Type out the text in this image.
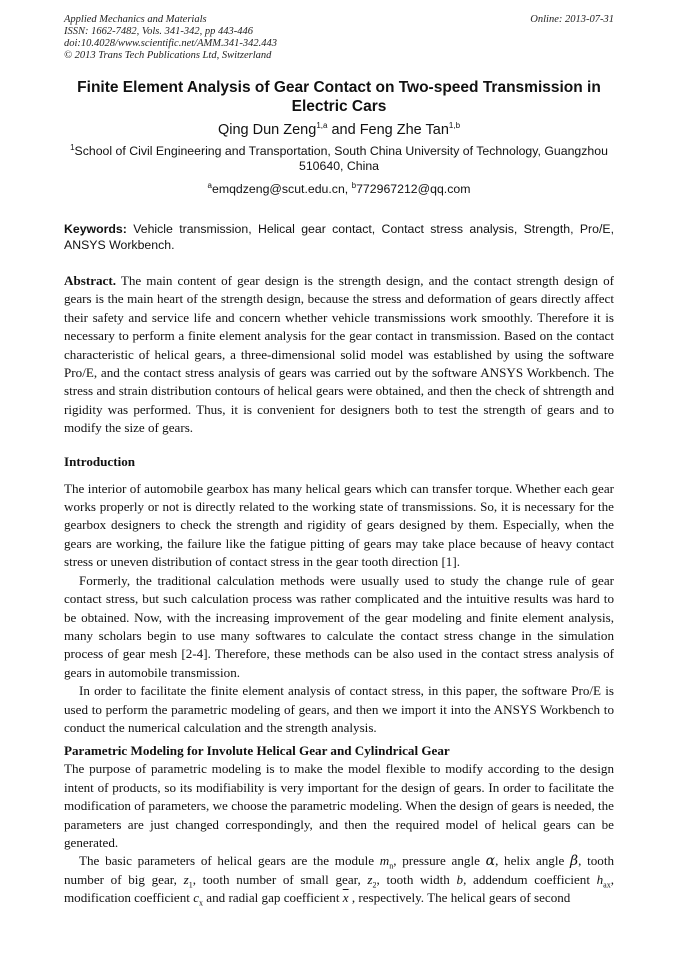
Applied Mechanics and Materials
ISSN: 1662-7482, Vols. 341-342, pp 443-446
doi:10.4028/www.scientific.net/AMM.341-342.443
© 2013 Trans Tech Publications Ltd, Switzerland
Online: 2013-07-31
Finite Element Analysis of Gear Contact on Two-speed Transmission in Electric Cars
Qing Dun Zeng$^{1,a}$ and Feng Zhe Tan$^{1,b}$
$^1$School of Civil Engineering and Transportation, South China University of Technology, Guangzhou 510640, China
$^a$emqdzeng@scut.edu.cn, $^b$772967212@qq.com

Keywords: Vehicle transmission, Helical gear contact, Contact stress analysis, Strength, Pro/E, ANSYS Workbench.

Abstract. The main content of gear design is the strength design, and the contact strength design of gears is the main heart of the strength design, because the stress and deformation of gears directly affect their safety and service life and concern whether vehicle transmissions work smoothly. Therefore it is necessary to perform a finite element analysis for the gear contact in transmission. Based on the contact characteristic of helical gears, a three-dimensional solid model was established by using the software Pro/E, and the contact stress analysis of gears was carried out by the software ANSYS Workbench. The stress and strain distribution contours of helical gears were obtained, and then the check of shtrength and rigidity was performed. Thus, it is convenient for designers both to test the strength of gears and to modify the size of gears.

Introduction

The interior of automobile gearbox has many helical gears which can transfer torque. Whether each gear works properly or not is directly related to the working state of transmissions. So, it is necessary for the gearbox designers to check the strength and rigidity of gears designed by them. Especially, when the gears are working, the failure like the fatigue pitting of gears may take place because of heavy contact stress or uneven distribution of contact stress in the gear tooth direction [1].

Formerly, the traditional calculation methods were usually used to study the change rule of gear contact stress, but such calculation process was rather complicated and the intuitive results was hard to be obtained. Now, with the increasing improvement of the gear modeling and finite element analysis, many scholars begin to use many softwares to calculate the contact stress change in the simulation process of gear mesh [2-4]. Therefore, these methods can be also used in the contact stress analysis of gears in automobile transmission.

In order to facilitate the finite element analysis of contact stress, in this paper, the software Pro/E is used to perform the parametric modeling of gears, and then we import it into the ANSYS Workbench to conduct the numerical calculation and the strength analysis.

Parametric Modeling for Involute Helical Gear and Cylindrical Gear

The purpose of parametric modeling is to make the model flexible to modify according to the design intent of products, so its modifiability is very important for the design of gears. In order to facilitate the modification of parameters, we choose the parametric modeling. When the design of gears is needed, the parameters are just changed correspondingly, and then the required model of helical gears can be generated.

The basic parameters of helical gears are the module $m_n$, pressure angle α, helix angle β, tooth number of big gear, $z_1$, tooth number of small gear, $z_2$, tooth width b, addendum coefficient $h_{ax}$, modification coefficient $c_x$ and radial gap coefficient $\overline{x}$ , respectively. The helical gears of second
